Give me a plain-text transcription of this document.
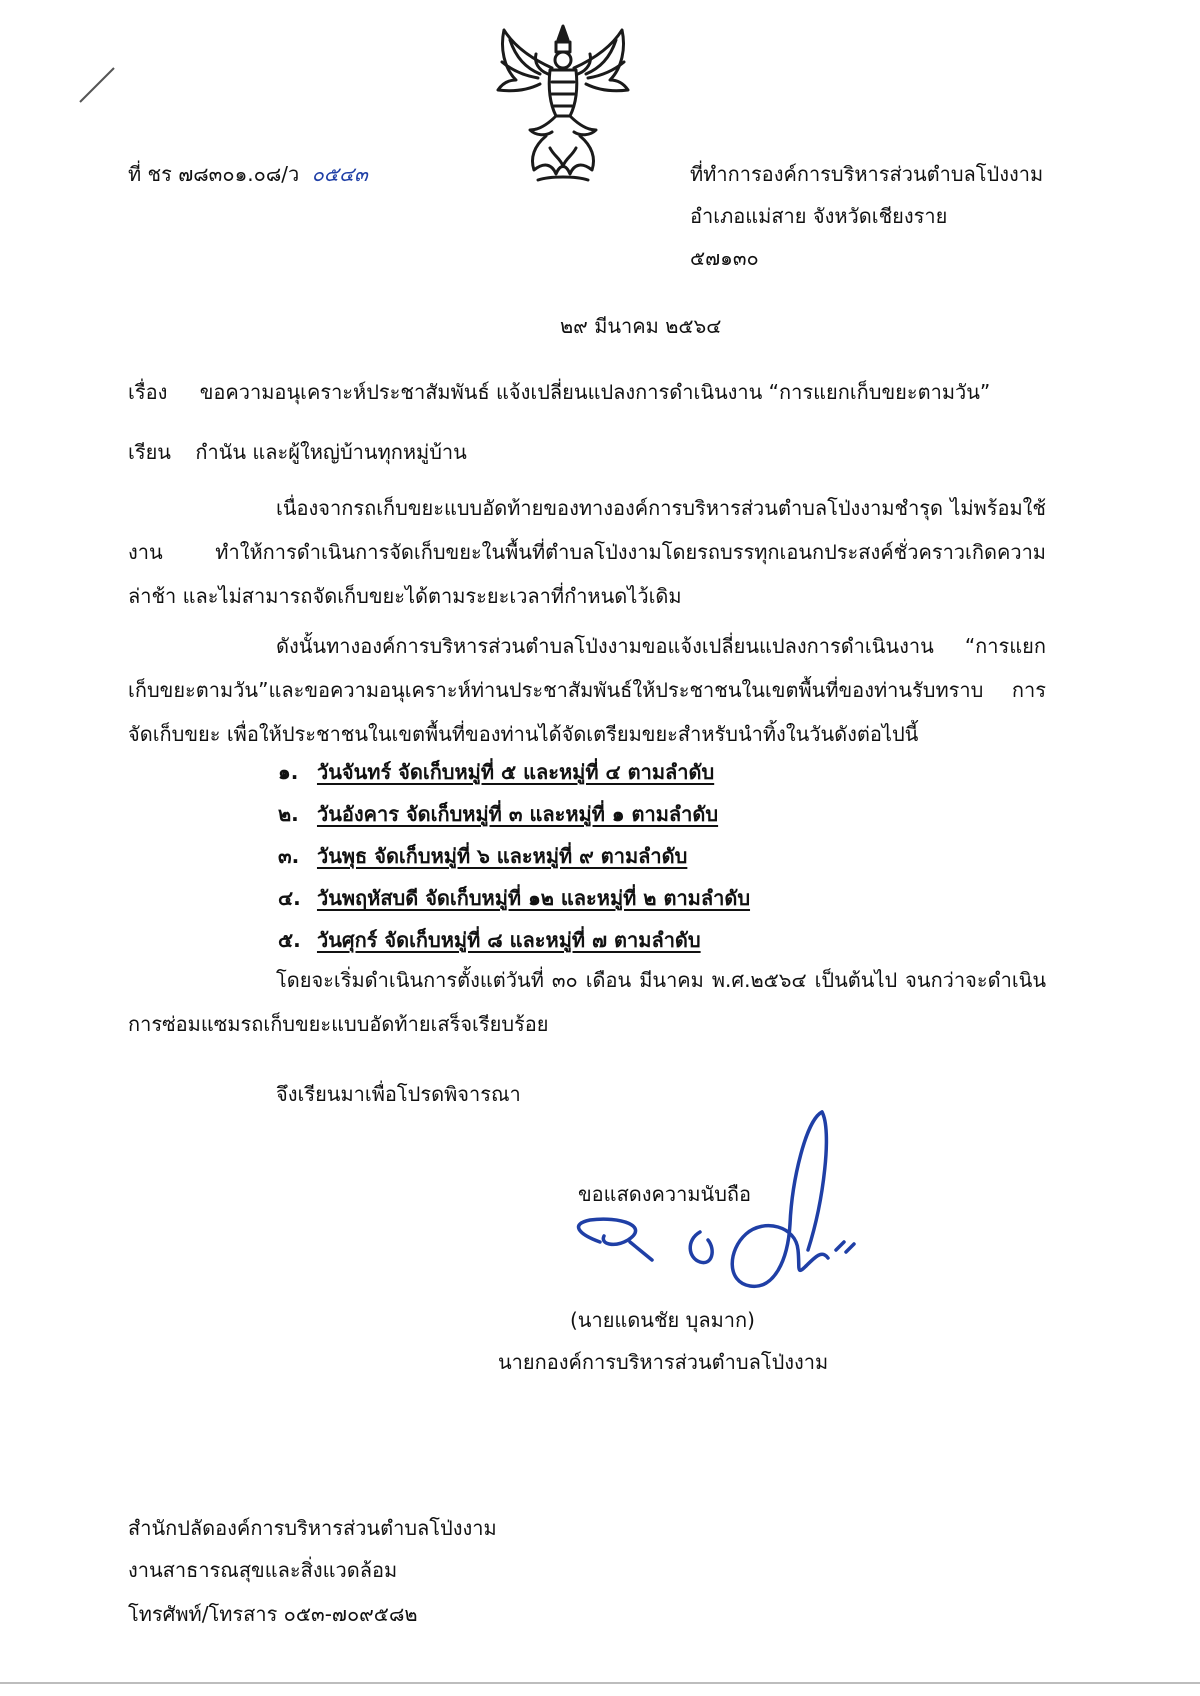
ที่ ชร ๗๘๓๐๑.๐๘/ว ๐๕๔๓	ที่ทำการองค์การบริหารส่วนตำบลโป่งงาม
อำเภอแม่สาย จังหวัดเชียงราย
๕๗๑๓๐
๒๙ มีนาคม ๒๕๖๔
เรื่อง ขอความอนุเคราะห์ประชาสัมพันธ์ แจ้งเปลี่ยนแปลงการดำเนินงาน “การแยกเก็บขยะตามวัน”
เรียน กำนัน และผู้ใหญ่บ้านทุกหมู่บ้าน
เนื่องจากรถเก็บขยะแบบอัดท้ายของทางองค์การบริหารส่วนตำบลโป่งงามชำรุด ไม่พร้อมใช้งาน ทำให้การดำเนินการจัดเก็บขยะในพื้นที่ตำบลโป่งงามโดยรถบรรทุกเอนกประสงค์ชั่วคราวเกิดความล่าช้า และไม่สามารถจัดเก็บขยะได้ตามระยะเวลาที่กำหนดไว้เดิม
ดังนั้นทางองค์การบริหารส่วนตำบลโป่งงามขอแจ้งเปลี่ยนแปลงการดำเนินงาน “การแยกเก็บขยะตามวัน”และขอความอนุเคราะห์ท่านประชาสัมพันธ์ให้ประชาชนในเขตพื้นที่ของท่านรับทราบ การจัดเก็บขยะ เพื่อให้ประชาชนในเขตพื้นที่ของท่านได้จัดเตรียมขยะสำหรับนำทิ้งในวันดังต่อไปนี้
๑. วันจันทร์ จัดเก็บหมู่ที่ ๕ และหมู่ที่ ๔ ตามลำดับ
๒. วันอังคาร จัดเก็บหมู่ที่ ๓ และหมู่ที่ ๑ ตามลำดับ
๓. วันพุธ จัดเก็บหมู่ที่ ๖ และหมู่ที่ ๙ ตามลำดับ
๔. วันพฤหัสบดี จัดเก็บหมู่ที่ ๑๒ และหมู่ที่ ๒ ตามลำดับ
๕. วันศุกร์ จัดเก็บหมู่ที่ ๘ และหมู่ที่ ๗ ตามลำดับ
โดยจะเริ่มดำเนินการตั้งแต่วันที่ ๓๐ เดือน มีนาคม พ.ศ.๒๕๖๔ เป็นต้นไป จนกว่าจะดำเนินการซ่อมแซมรถเก็บขยะแบบอัดท้ายเสร็จเรียบร้อย
จึงเรียนมาเพื่อโปรดพิจารณา
ขอแสดงความนับถือ
(นายแดนชัย บุลมาก)
นายกองค์การบริหารส่วนตำบลโป่งงาม
สำนักปลัดองค์การบริหารส่วนตำบลโป่งงาม
งานสาธารณสุขและสิ่งแวดล้อม
โทรศัพท์/โทรสาร ๐๕๓-๗๐๙๕๘๒
